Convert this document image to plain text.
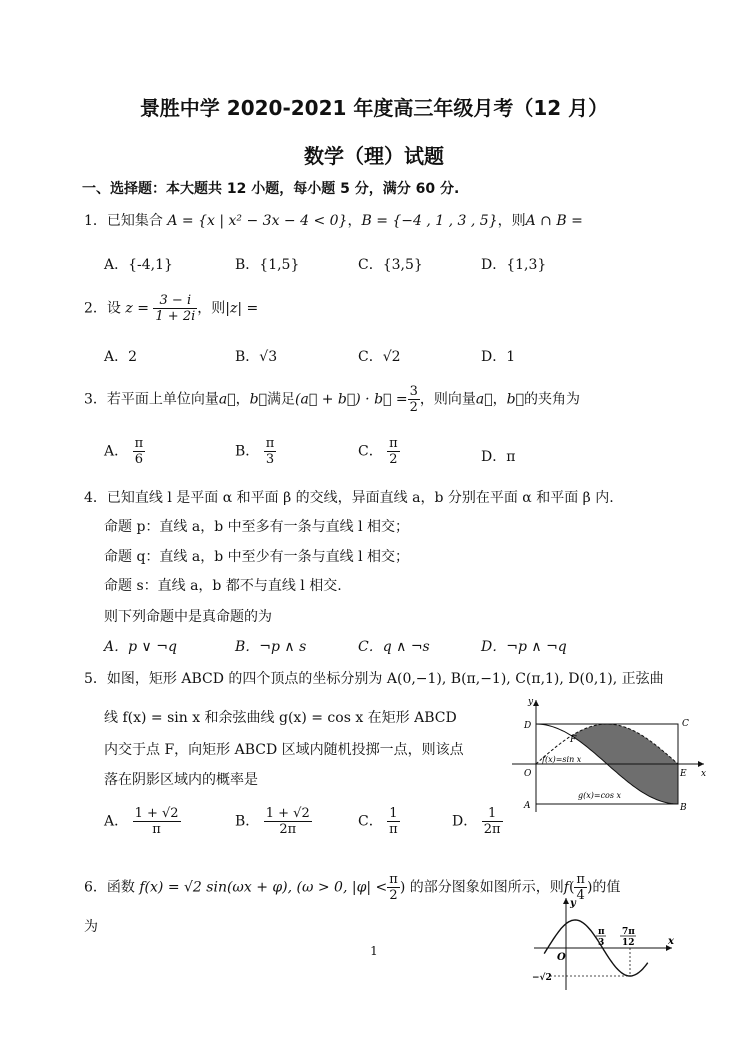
景胜中学 2020-2021 年度高三年级月考（12 月）
数学（理）试题
一、选择题：本大题共 12 小题，每小题 5 分，满分 60 分.
1．已知集合 A = {x | x² − 3x − 4 < 0}，B = {−4 , 1 , 3 , 5}，则A ∩ B =
A．{-4,1}	B．{1,5}	C．{3,5}	D．{1,3}
2．设 $z = \frac{3 - i}{1 + 2i}$ ，则|z| =
A．2	B．√3	C．√2	D．1
3．若平面上单位向量a⃗，b⃗满足(a⃗ + b⃗) · b⃗ = $\frac{3}{2}$ ，则向量a⃗，b⃗的夹角为
A． $\frac{\pi}{6}$	B． $\frac{\pi}{3}$	C． $\frac{\pi}{2}$	D．π
4．已知直线 l 是平面 α 和平面 β 的交线，异面直线 a，b 分别在平面 α 和平面 β 内.
命题 p：直线 a，b 中至多有一条与直线 l 相交；
命题 q：直线 a，b 中至少有一条与直线 l 相交；
命题 s：直线 a，b 都不与直线 l 相交.
则下列命题中是真命题的为
A．p ∨ ¬q	B．¬p ∧ s	C．q ∧ ¬s	D．¬p ∧ ¬q
5．如图，矩形 ABCD 的四个顶点的坐标分别为 A(0,−1), B(π,−1), C(π,1), D(0,1), 正弦曲
线 f(x) = sin x 和余弦曲线 g(x) = cos x 在矩形 ABCD
内交于点 F，向矩形 ABCD 区域内随机投掷一点，则该点
落在阴影区域内的概率是
A． $\frac{1 + √2}{\pi}$	B． $\frac{1 + √2}{2\pi}$	C． $\frac{1}{\pi}$	D． $\frac{1}{2\pi}$
y
x
D	C
F
O	E
A	B
f(x)=sin x
g(x)=cos x
6．函数 f(x) = √2 sin(ωx + φ), (ω > 0, $|\varphi| < \frac{\pi}{2}$ ) 的部分图象如图所示，则$f( \frac{\pi}{4}$ )的值
为
y
x
O
π
3
7π
12
−√2
1
